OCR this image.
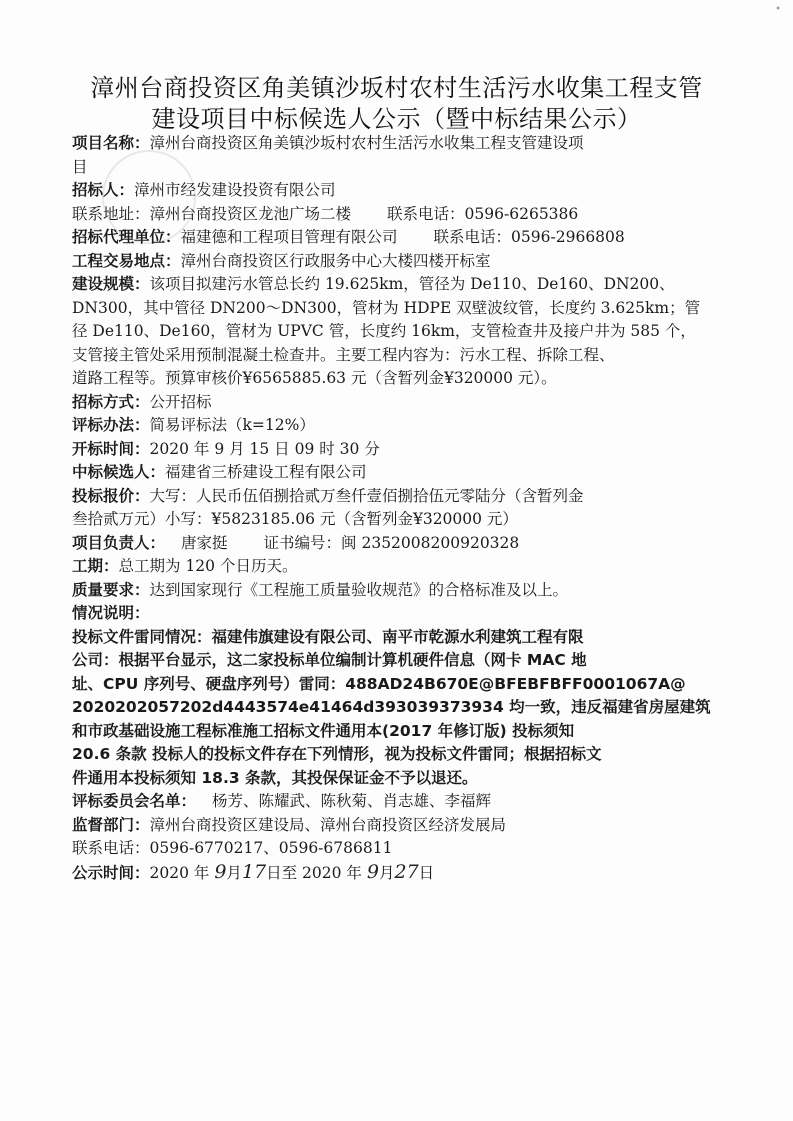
•
漳州台商投资区角美镇沙坂村农村生活污水收集工程支管
建设项目中标候选人公示（暨中标结果公示）
项目名称：漳州台商投资区角美镇沙坂村农村生活污水收集工程支管建设项
目
招标人：漳州市经发建设投资有限公司
联系地址：漳州台商投资区龙池广场二楼 联系电话：0596-6265386
招标代理单位：福建德和工程项目管理有限公司 联系电话：0596-2966808
工程交易地点：漳州台商投资区行政服务中心大楼四楼开标室
建设规模：该项目拟建污水管总长约 19.625km，管径为 De110、De160、DN200、
DN300，其中管径 DN200～DN300，管材为 HDPE 双壁波纹管，长度约 3.625km；管
径 De110、De160，管材为 UPVC 管，长度约 16km，支管检查井及接户井为 585 个，
支管接主管处采用预制混凝土检查井。主要工程内容为：污水工程、拆除工程、
道路工程等。预算审核价¥6565885.63 元（含暂列金¥320000 元）。
招标方式：公开招标
评标办法：简易评标法（k=12%）
开标时间：2020 年 9 月 15 日 09 时 30 分
中标候选人：福建省三桥建设工程有限公司
投标报价：大写：人民币伍佰捌拾贰万叁仟壹佰捌拾伍元零陆分（含暂列金
叁拾贰万元）小写：¥5823185.06 元（含暂列金¥320000 元）
项目负责人： 唐家挺 证书编号：闽 2352008200920328
工期：总工期为 120 个日历天。
质量要求：达到国家现行《工程施工质量验收规范》的合格标准及以上。
情况说明：
投标文件雷同情况：福建伟旗建设有限公司、南平市乾源水利建筑工程有限
公司：根据平台显示，这二家投标单位编制计算机硬件信息（网卡 MAC 地
址、CPU 序列号、硬盘序列号）雷同：488AD24B670E@BFEBFBFF0001067A@
2020202057202d4443574e41464d393039373934 均一致，违反福建省房屋建筑
和市政基础设施工程标准施工招标文件通用本(2017 年修订版) 投标须知
20.6 条款 投标人的投标文件存在下列情形，视为投标文件雷同；根据招标文
件通用本投标须知 18.3 条款，其投保保证金不予以退还。
评标委员会名单： 杨芳、陈耀武、陈秋菊、肖志雄、李福辉
监督部门：漳州台商投资区建设局、漳州台商投资区经济发展局
联系电话：0596-6770217、0596-6786811
公示时间：2020 年 9月17日至 2020 年 9月27日
